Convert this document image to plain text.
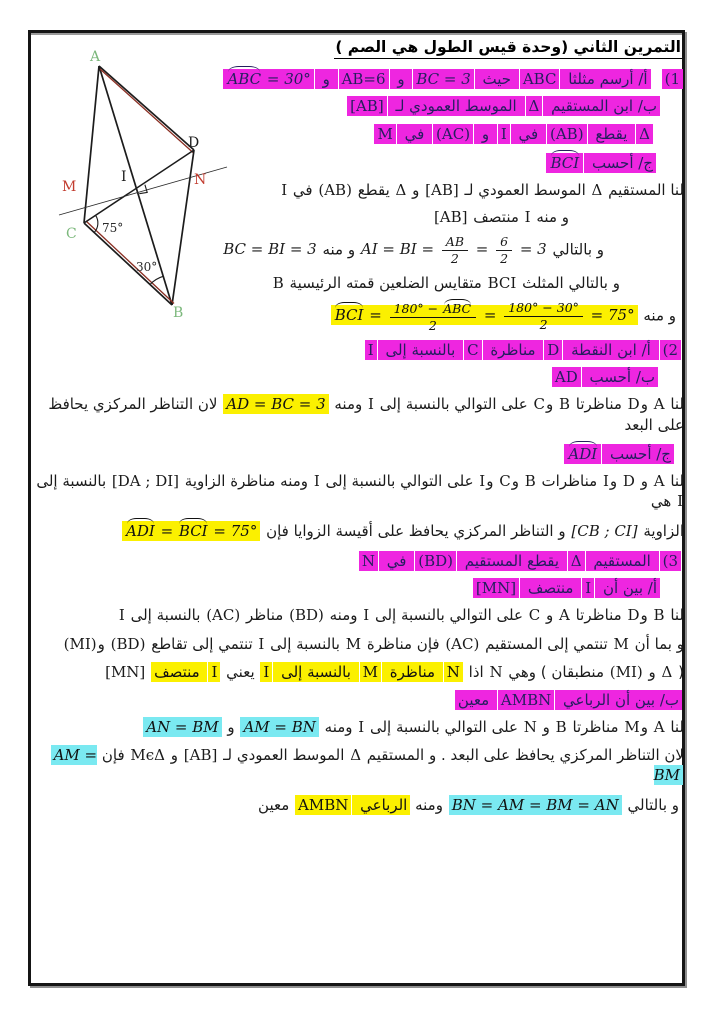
A
D
I
M	N
C
B
75°
30°
التمرين الثاني (وحدة قيس الطول هي الصم )
(1أ/ أرسم مثلثا ABC حيث BC = 3 و AB=6 و ABC = 30°
ب/ ابن المستقيم Δ الموسط العمودي لـ [AB]
Δ يقطع (AB) في I و (AC) في M
ج/ أحسب BCI
لنا المستقيم Δ الموسط العمودي لـ [AB] و Δ يقطع (AB) في I
و منه I منتصف [AB]
و بالتالي AI = BI = $\frac{AB}{2} = \frac{6}{2} = 3$ و منه BC = BI = 3
و بالتالي المثلث BCI متقايس الضلعين قمته الرئيسية B
و منه BCI = $\frac{\text{180° − ABC}}{2} = \frac{180^\circ - 30^\circ}{2} = 75^\circ$
(2 أ/ ابن النقطة D مناظرة C بالنسبة إلى I
ب/ أحسب AD
لنا A وD مناظرتا B وC على التوالي بالنسبة إلى I ومنه AD = BC = 3 لان التناظر المركزي يحافظ على البعد
ج/ أحسب ADI
لنا A و D وI مناظرات B وC وI على التوالي بالنسبة إلى I ومنه مناظرة الزاوية [DA ; DI] بالنسبة إلى I هي
الزاوية [CB ; CI] و التناظر المركزي يحافظ على أقيسة الزوايا فإن ADI = BCI = 75°
(3 المستقيم Δ يقطع المستقيم (BD) في N
أ/ بين أن I منتصف [MN]
لنا B وD مناظرتا A و C على التوالي بالنسبة إلى I ومنه (BD) مناظر (AC) بالنسبة إلى I
و بما أن M تنتمي إلى المستقيم (AC) فإن مناظرة M بالنسبة إلى I تنتمي إلى تقاطع (BD) و(MI)
( Δ و (MI) منطبقان ) وهي N اذا N مناظرة M بالنسبة إلى I يعني I منتصف [MN]
ب/ بين أن الرباعي AMBN معين
لنا A وM مناظرتا B و N على التوالي بالنسبة إلى I ومنه AM = BN و AN = BM
لان التناظر المركزي يحافظ على البعد . و المستقيم Δ الموسط العمودي لـ [AB] و MϵΔ فإن AM = BM
و بالتالي BN = AM = BM = AN ومنه الرباعي AMBN معين
